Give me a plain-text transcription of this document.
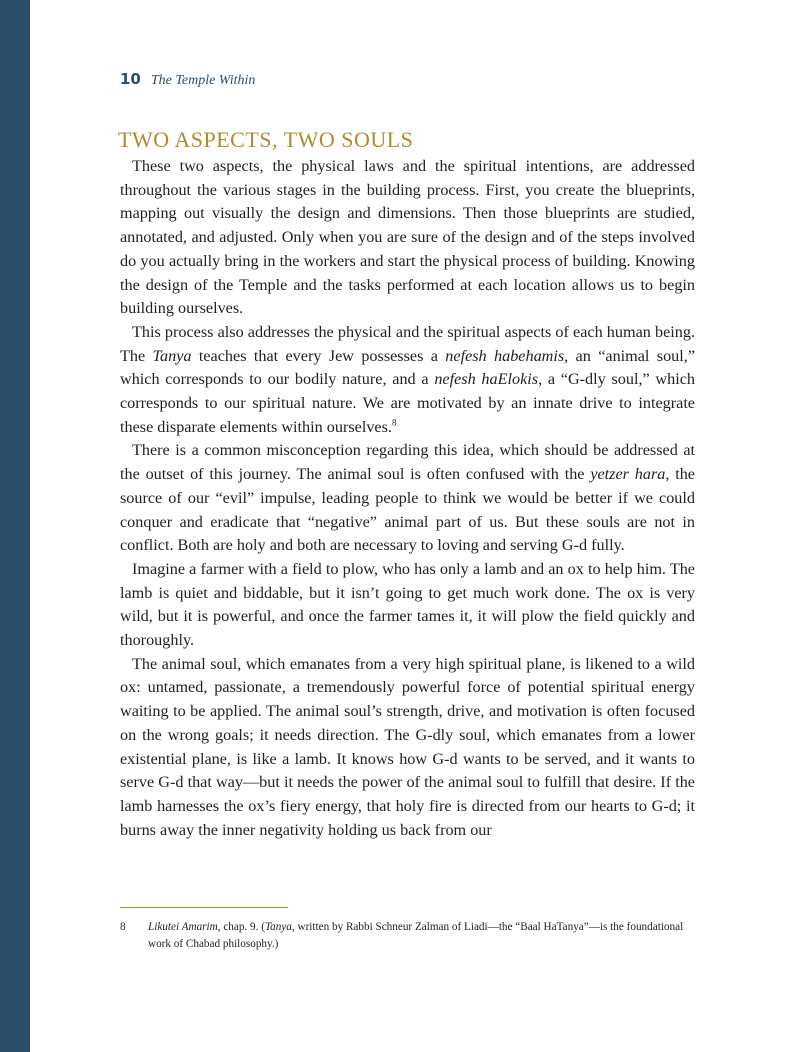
10 The Temple Within
TWO ASPECTS, TWO SOULS

These two aspects, the physical laws and the spiritual intentions, are addressed throughout the various stages in the building process. First, you create the blueprints, mapping out visually the design and dimensions. Then those blueprints are studied, annotated, and adjusted. Only when you are sure of the design and of the steps involved do you actually bring in the workers and start the physical process of building. Knowing the design of the Temple and the tasks performed at each location allows us to begin building ourselves.

This process also addresses the physical and the spiritual aspects of each human being. The Tanya teaches that every Jew possesses a nefesh habehamis, an “animal soul,” which corresponds to our bodily nature, and a nefesh haElokis, a “G-dly soul,” which corresponds to our spiritual nature. We are motivated by an innate drive to integrate these disparate elements within ourselves.$^8$

There is a common misconception regarding this idea, which should be addressed at the outset of this journey. The animal soul is often confused with the yetzer hara, the source of our “evil” impulse, leading people to think we would be better if we could conquer and eradicate that “negative” animal part of us. But these souls are not in conflict. Both are holy and both are necessary to loving and serving G-d fully.

Imagine a farmer with a field to plow, who has only a lamb and an ox to help him. The lamb is quiet and biddable, but it isn’t going to get much work done. The ox is very wild, but it is powerful, and once the farmer tames it, it will plow the field quickly and thoroughly.

The animal soul, which emanates from a very high spiritual plane, is likened to a wild ox: untamed, passionate, a tremendously powerful force of potential spiritual energy waiting to be applied. The animal soul’s strength, drive, and motivation is often focused on the wrong goals; it needs direction. The G-dly soul, which emanates from a lower existential plane, is like a lamb. It knows how G-d wants to be served, and it wants to serve G-d that way—but it needs the power of the animal soul to fulfill that desire. If the lamb harnesses the ox’s fiery energy, that holy fire is directed from our hearts to G-d; it burns away the inner negativity holding us back from our

8	Likutei Amarim, chap. 9. (Tanya, written by Rabbi Schneur Zalman of Liadi—the “Baal HaTanya”—is the foundational work of Chabad philosophy.)
